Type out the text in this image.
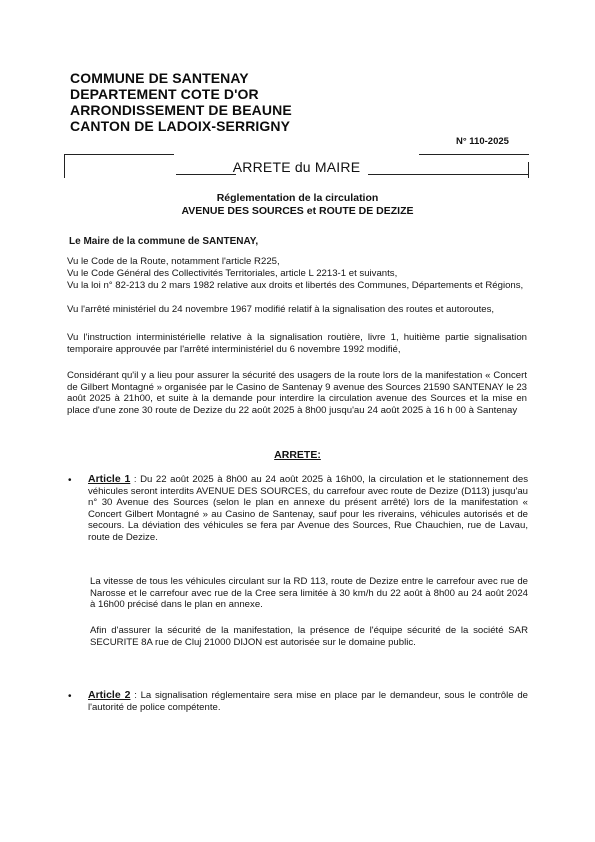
COMMUNE DE SANTENAY
DEPARTEMENT COTE D'OR
ARRONDISSEMENT DE BEAUNE
CANTON DE LADOIX-SERRIGNY
N° 110-2025
ARRETE du MAIRE
Réglementation de la circulation
AVENUE DES SOURCES et ROUTE DE DEZIZE
Le Maire de la commune de SANTENAY,
Vu le Code de la Route, notamment l'article R225,
Vu le Code Général des Collectivités Territoriales, article L 2213-1 et suivants,
Vu la loi n° 82-213 du 2 mars 1982 relative aux droits et libertés des Communes, Départements et Régions,
Vu l'arrêté ministériel du 24 novembre 1967 modifié relatif à la signalisation des routes et autoroutes,
Vu l'instruction interministérielle relative à la signalisation routière, livre 1, huitième partie signalisation temporaire approuvée par l'arrêté interministériel du 6 novembre 1992 modifié,
Considérant qu'il y a lieu pour assurer la sécurité des usagers de la route lors de la manifestation « Concert de Gilbert Montagné » organisée par le Casino de Santenay 9 avenue des Sources 21590 SANTENAY le 23 août 2025 à 21h00, et suite à la demande pour interdire la circulation avenue des Sources et la mise en place d'une zone 30 route de Dezize du 22 août 2025 à 8h00 jusqu'au 24 août 2025 à 16 h 00 à Santenay
ARRETE:
• Article 1 : Du 22 août 2025 à 8h00 au 24 août 2025 à 16h00, la circulation et le stationnement des véhicules seront interdits AVENUE DES SOURCES, du carrefour avec route de Dezize (D113) jusqu'au n° 30 Avenue des Sources (selon le plan en annexe du présent arrêté) lors de la manifestation « Concert Gilbert Montagné » au Casino de Santenay, sauf pour les riverains, véhicules autorisés et de secours. La déviation des véhicules se fera par Avenue des Sources, Rue Chauchien, rue de Lavau, route de Dezize.
La vitesse de tous les véhicules circulant sur la RD 113, route de Dezize entre le carrefour avec rue de Narosse et le carrefour avec rue de la Cree sera limitée à 30 km/h du 22 août à 8h00 au 24 août 2024 à 16h00 précisé dans le plan en annexe.
Afin d'assurer la sécurité de la manifestation, la présence de l'équipe sécurité de la société SAR SECURITE 8A rue de Cluj 21000 DIJON est autorisée sur le domaine public.
• Article 2 : La signalisation réglementaire sera mise en place par le demandeur, sous le contrôle de l'autorité de police compétente.
